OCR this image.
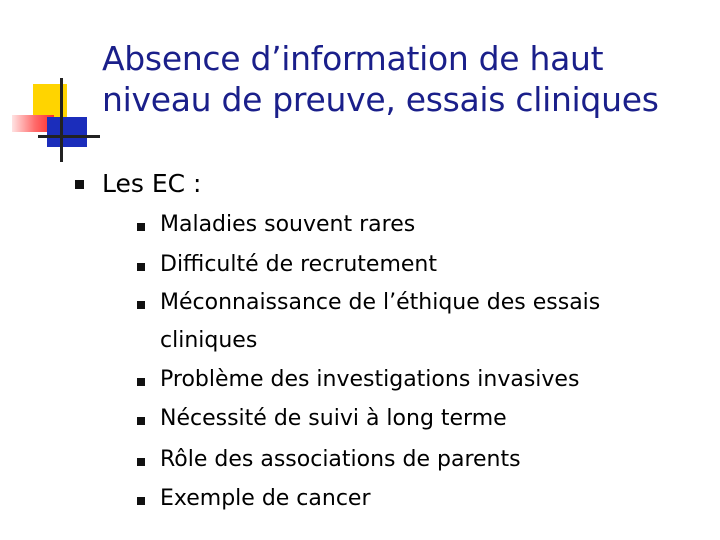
Absence d’information de haut
niveau de preuve, essais cliniques
Les EC :
Maladies souvent rares
Difficulté de recrutement
Méconnaissance de l’éthique des essais
cliniques
Problème des investigations invasives
Nécessité de suivi à long terme
Rôle des associations de parents
Exemple de cancer
